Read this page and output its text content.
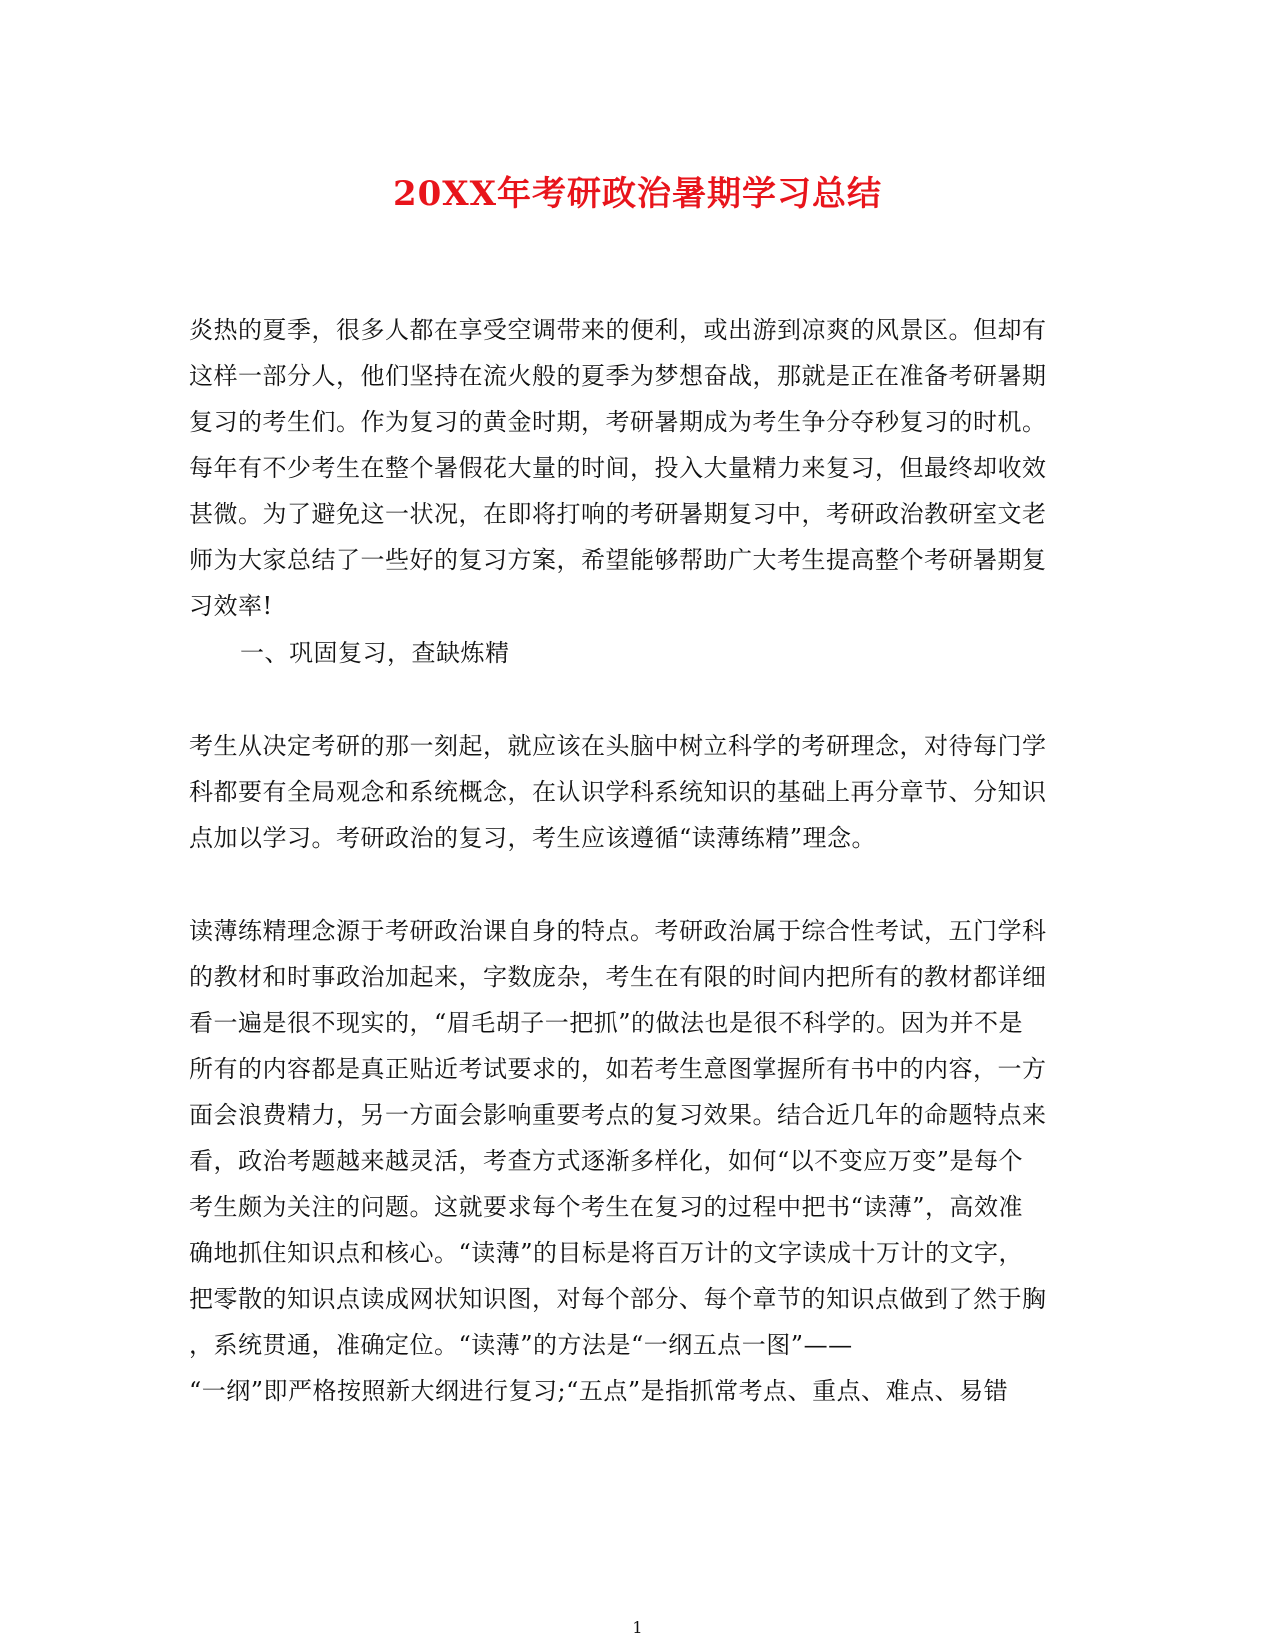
20XX年考研政治暑期学习总结
炎热的夏季，很多人都在享受空调带来的便利，或出游到凉爽的风景区。但却有
这样一部分人，他们坚持在流火般的夏季为梦想奋战，那就是正在准备考研暑期
复习的考生们。作为复习的黄金时期，考研暑期成为考生争分夺秒复习的时机。
每年有不少考生在整个暑假花大量的时间，投入大量精力来复习，但最终却收效
甚微。为了避免这一状况，在即将打响的考研暑期复习中，考研政治教研室文老
师为大家总结了一些好的复习方案，希望能够帮助广大考生提高整个考研暑期复
习效率!
一、巩固复习，查缺炼精
考生从决定考研的那一刻起，就应该在头脑中树立科学的考研理念，对待每门学
科都要有全局观念和系统概念，在认识学科系统知识的基础上再分章节、分知识
点加以学习。考研政治的复习，考生应该遵循“读薄练精”理念。
读薄练精理念源于考研政治课自身的特点。考研政治属于综合性考试，五门学科
的教材和时事政治加起来，字数庞杂，考生在有限的时间内把所有的教材都详细
看一遍是很不现实的，“眉毛胡子一把抓”的做法也是很不科学的。因为并不是
所有的内容都是真正贴近考试要求的，如若考生意图掌握所有书中的内容，一方
面会浪费精力，另一方面会影响重要考点的复习效果。结合近几年的命题特点来
看，政治考题越来越灵活，考查方式逐渐多样化，如何“以不变应万变”是每个
考生颇为关注的问题。这就要求每个考生在复习的过程中把书“读薄”，高效准
确地抓住知识点和核心。“读薄”的目标是将百万计的文字读成十万计的文字，
把零散的知识点读成网状知识图，对每个部分、每个章节的知识点做到了然于胸
，系统贯通，准确定位。“读薄”的方法是“一纲五点一图”——
“一纲”即严格按照新大纲进行复习;“五点”是指抓常考点、重点、难点、易错
1
